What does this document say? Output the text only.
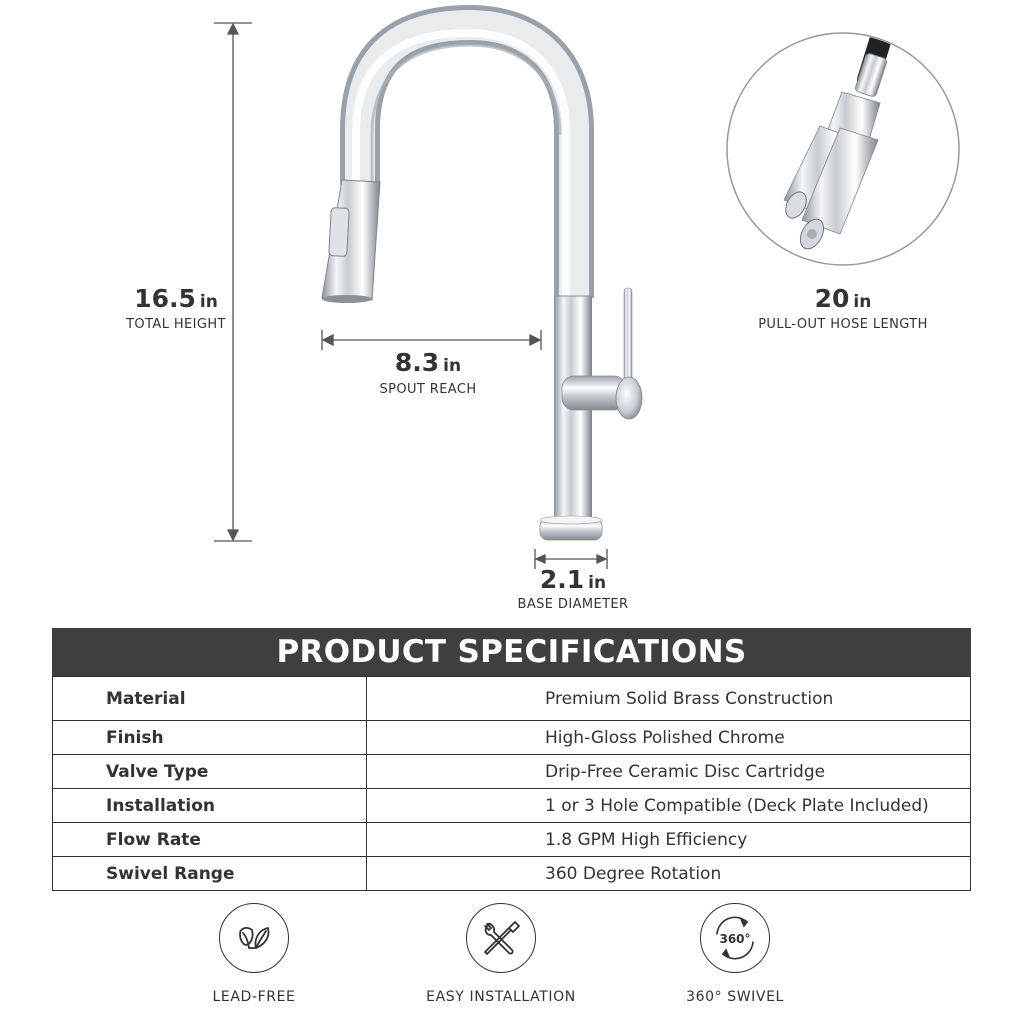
16.5 in
TOTAL HEIGHT
8.3 in
SPOUT REACH
2.1 in
BASE DIAMETER
20 in
PULL-OUT HOSE LENGTH
PRODUCT SPECIFICATIONS
Material	Premium Solid Brass Construction
Finish	High-Gloss Polished Chrome
Valve Type	Drip-Free Ceramic Disc Cartridge
Installation	1 or 3 Hole Compatible (Deck Plate Included)
Flow Rate	1.8 GPM High Efficiency
Swivel Range	360 Degree Rotation
LEAD-FREE	EASY INSTALLATION
360°
360° SWIVEL
